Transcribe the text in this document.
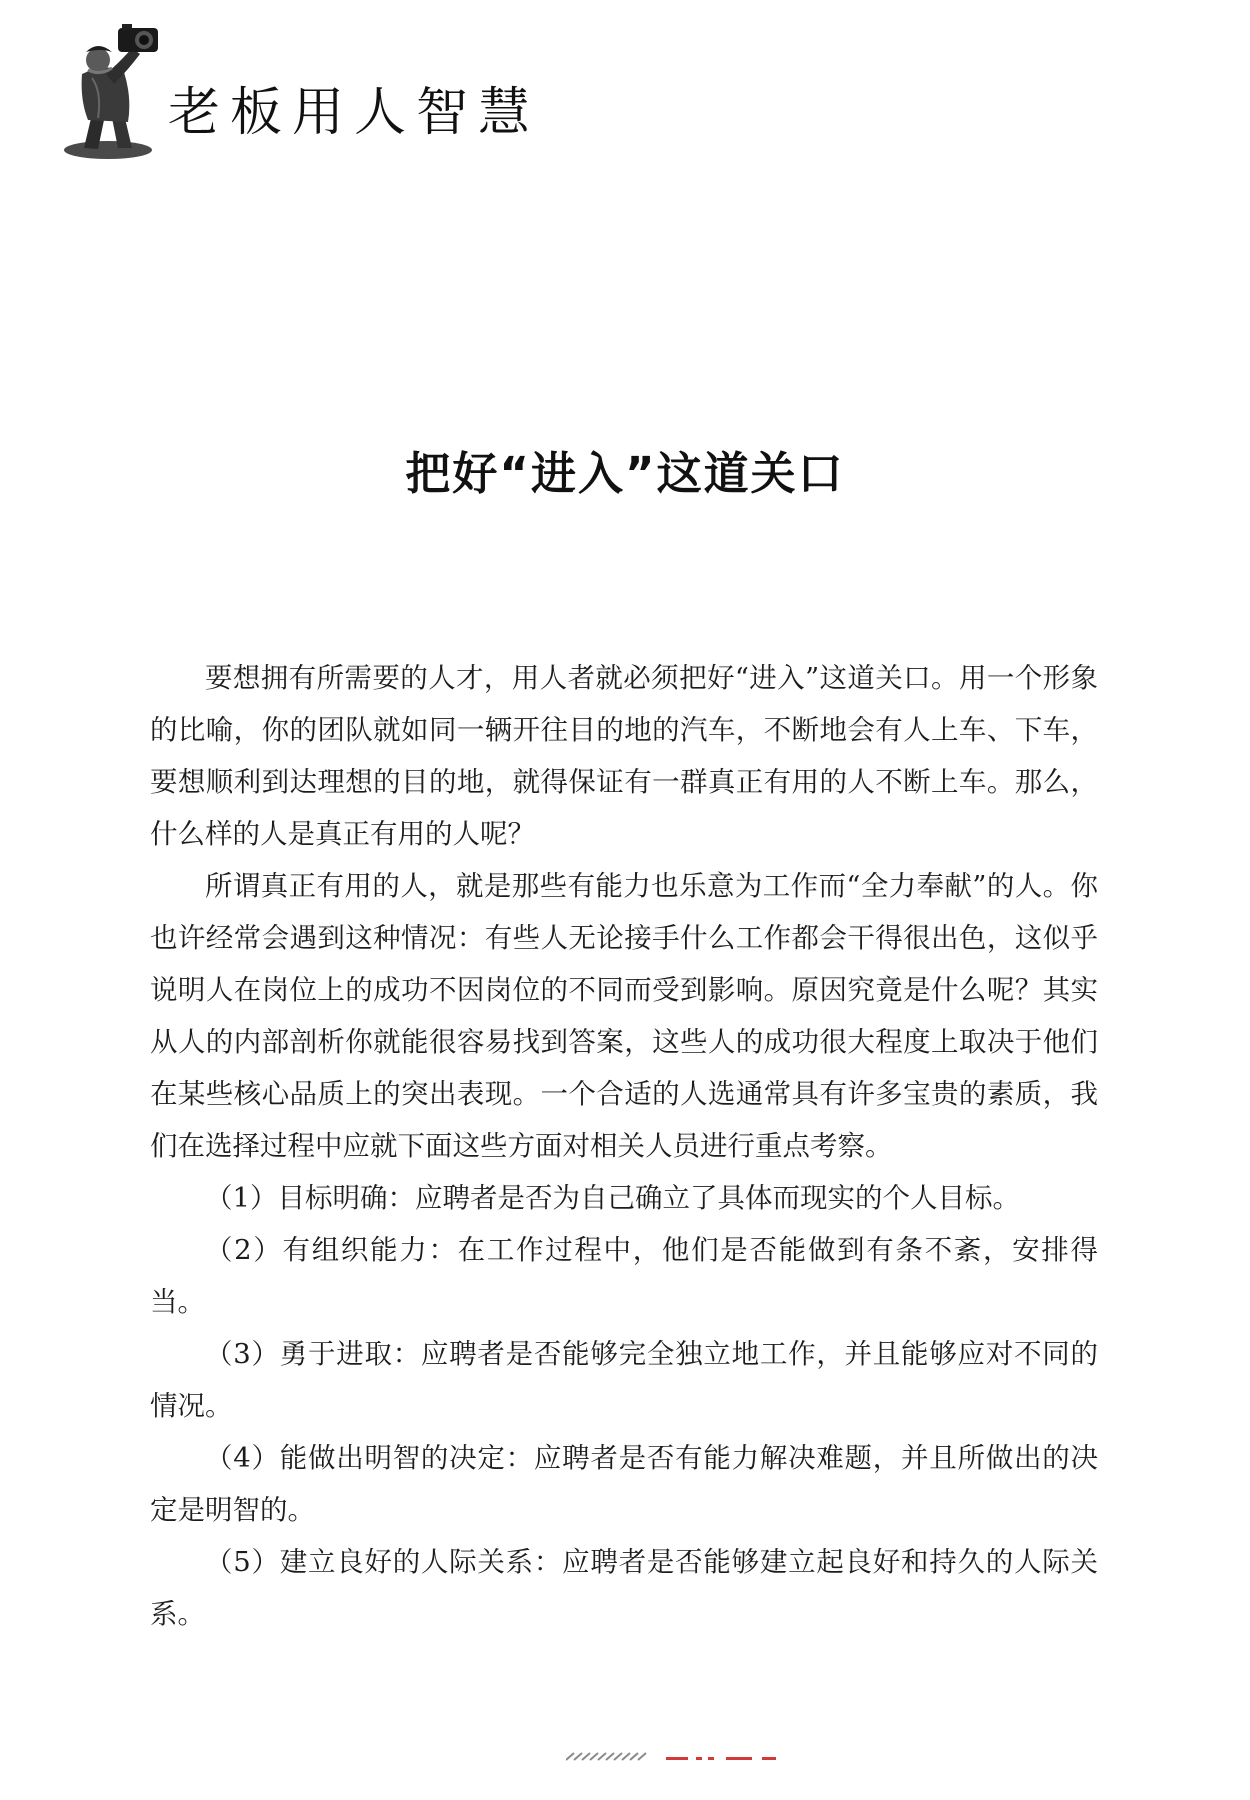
老板用人智慧
把好“进入”这道关口

要想拥有所需要的人才，用人者就必须把好“进入”这道关口。用一个形象的比喻，你的团队就如同一辆开往目的地的汽车，不断地会有人上车、下车，要想顺利到达理想的目的地，就得保证有一群真正有用的人不断上车。那么，什么样的人是真正有用的人呢？

所谓真正有用的人，就是那些有能力也乐意为工作而“全力奉献”的人。你也许经常会遇到这种情况：有些人无论接手什么工作都会干得很出色，这似乎说明人在岗位上的成功不因岗位的不同而受到影响。原因究竟是什么呢？其实从人的内部剖析你就能很容易找到答案，这些人的成功很大程度上取决于他们在某些核心品质上的突出表现。一个合适的人选通常具有许多宝贵的素质，我们在选择过程中应就下面这些方面对相关人员进行重点考察。

（1）目标明确：应聘者是否为自己确立了具体而现实的个人目标。

（2）有组织能力：在工作过程中，他们是否能做到有条不紊，安排得当。

（3）勇于进取：应聘者是否能够完全独立地工作，并且能够应对不同的情况。

（4）能做出明智的决定：应聘者是否有能力解决难题，并且所做出的决定是明智的。

（5）建立良好的人际关系：应聘者是否能够建立起良好和持久的人际关系。
